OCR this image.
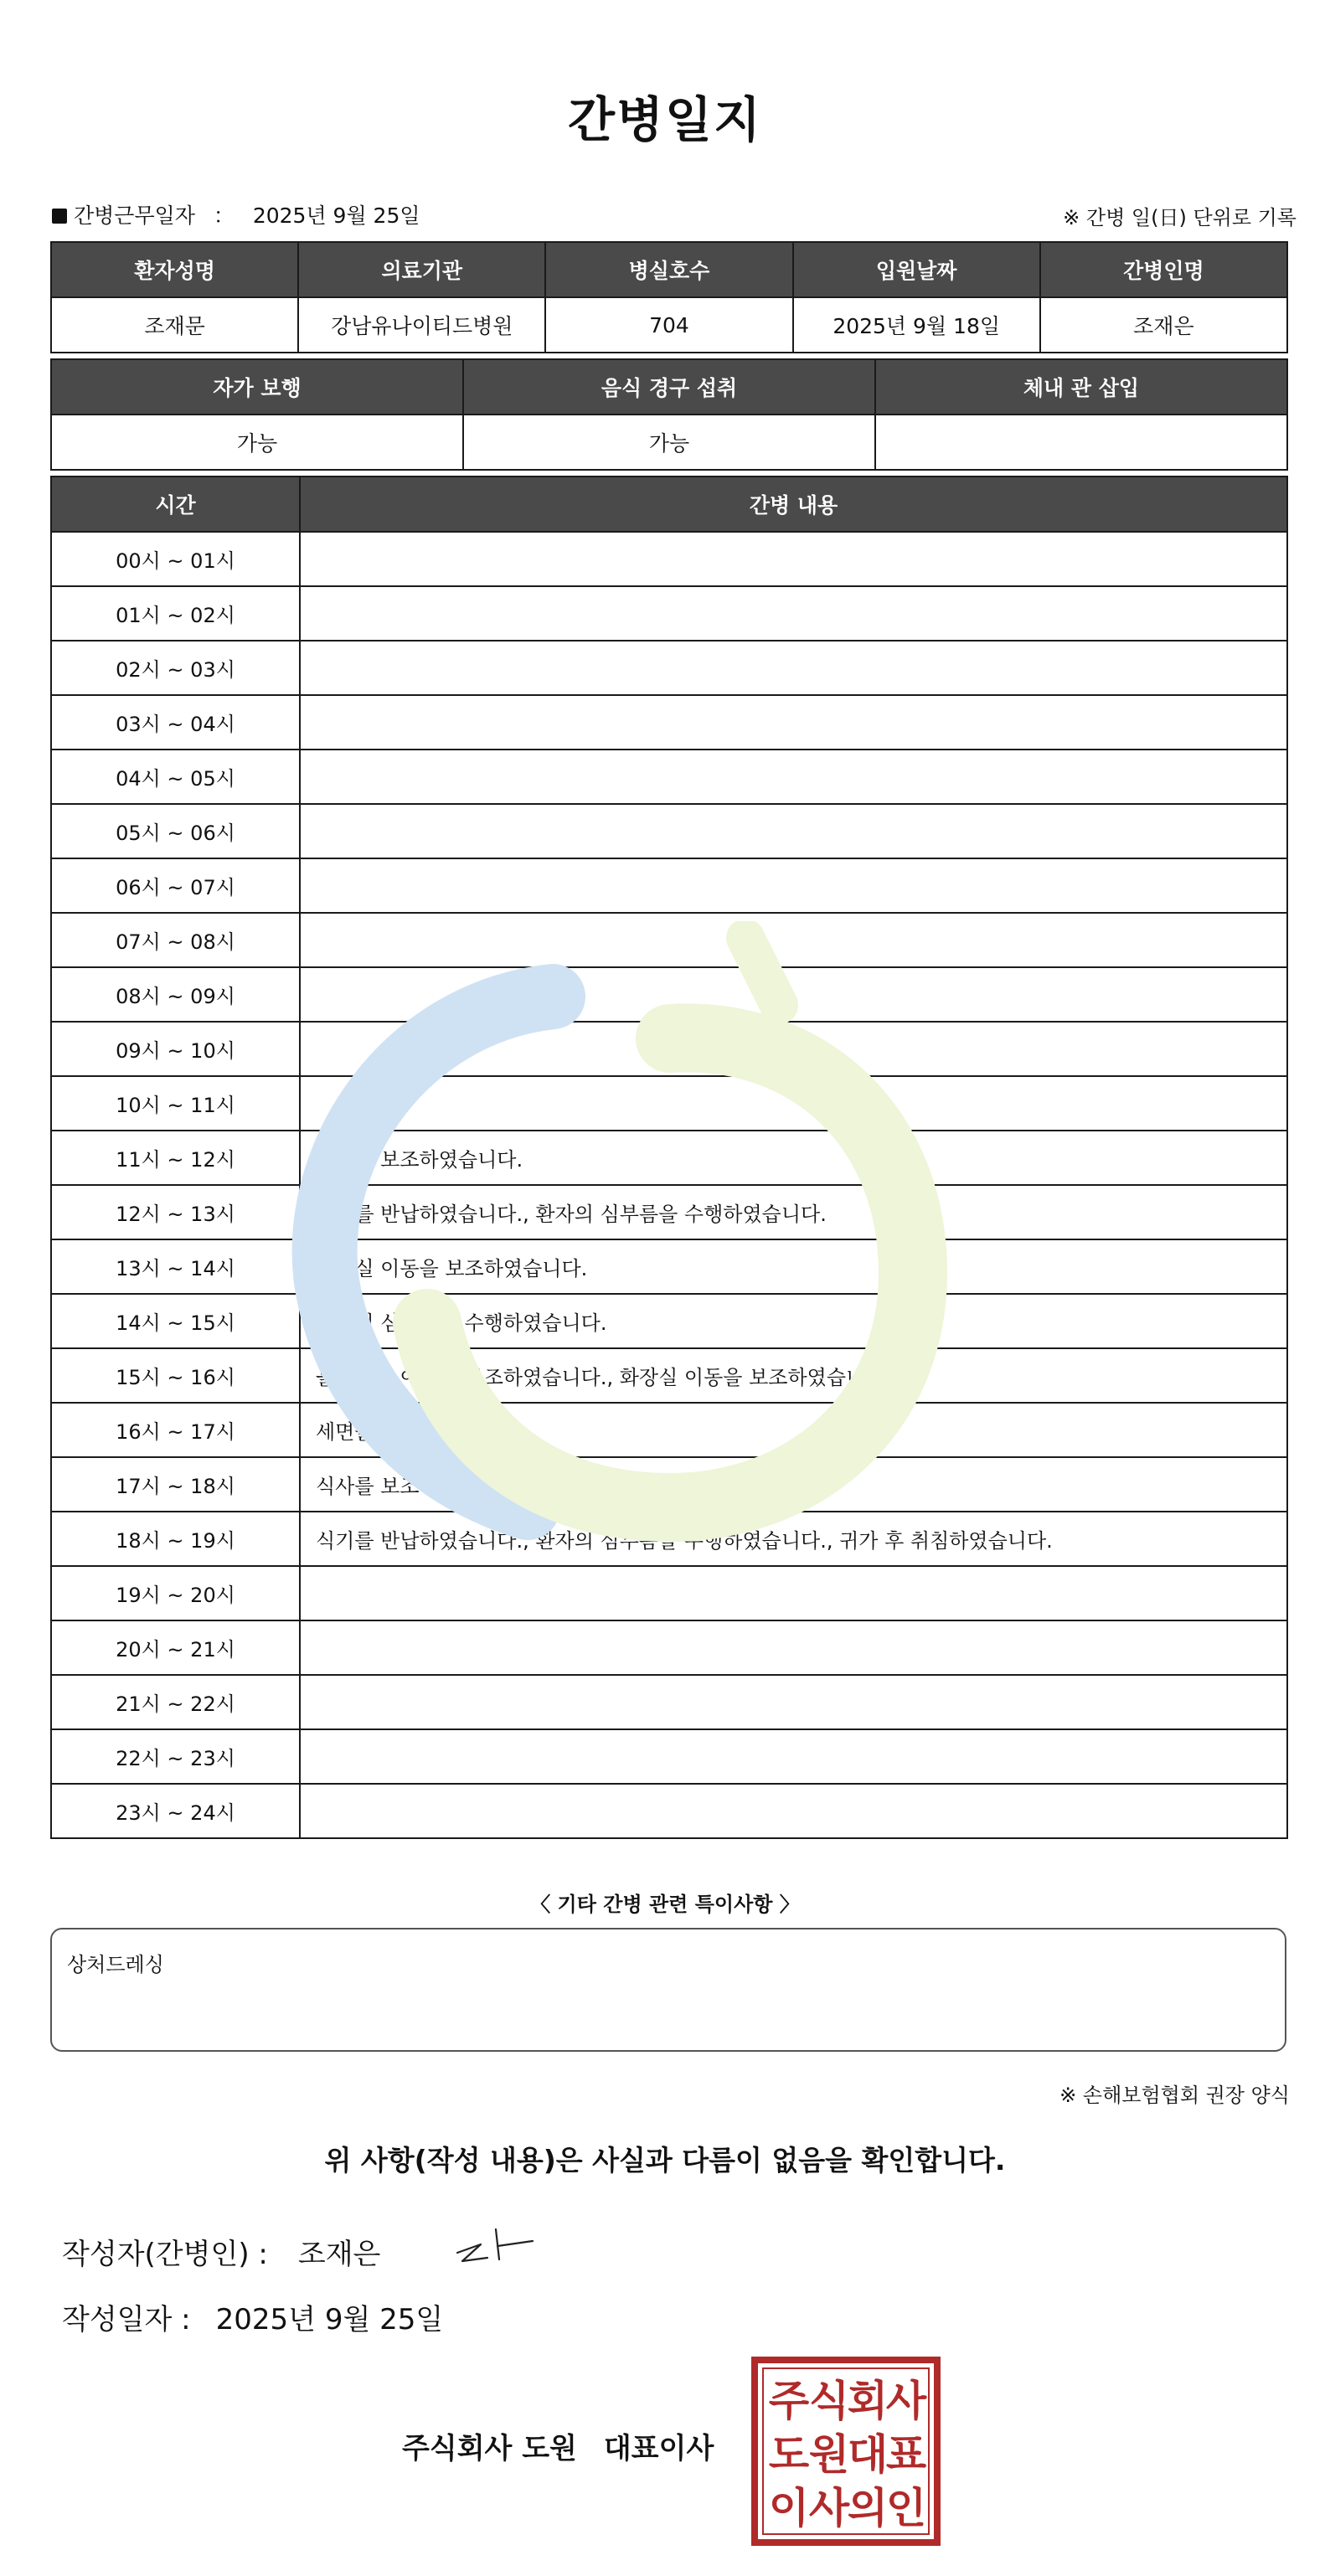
간병일지
간병근무일자 ： 2025년 9월 25일	※ 간병 일(日) 단위로 기록
환자성명	의료기관	병실호수	입원날짜	간병인명
조재문	강남유나이티드병원	704	2025년 9월 18일	조재은
자가 보행	음식 경구 섭취	체내 관 삽입
가능	가능	
시간	간병 내용
00시 ~ 01시	
01시 ~ 02시	
02시 ~ 03시	
03시 ~ 04시	
04시 ~ 05시	
05시 ~ 06시	
06시 ~ 07시	
07시 ~ 08시	
08시 ~ 09시	
09시 ~ 10시	
10시 ~ 11시	
11시 ~ 12시	식사를 보조하였습니다.
12시 ~ 13시	식기를 반납하였습니다., 환자의 심부름을 수행하였습니다.
13시 ~ 14시	화장실 이동을 보조하였습니다.
14시 ~ 15시	환자의 심부름을 수행하였습니다.
15시 ~ 16시	물리치료 이동을 보조하였습니다., 화장실 이동을 보조하였습니다.
16시 ~ 17시	세면을 보조하였습니다.
17시 ~ 18시	식사를 보조하였습니다.
18시 ~ 19시	식기를 반납하였습니다., 환자의 심부름을 수행하였습니다., 귀가 후 취침하였습니다.
19시 ~ 20시	
20시 ~ 21시	
21시 ~ 22시	
22시 ~ 23시	
23시 ~ 24시	
〈 기타 간병 관련 특이사항 〉
상처드레싱
※ 손해보험협회 권장 양식
위 사항(작성 내용)은 사실과 다름이 없음을 확인합니다.
작성자(간병인) : 조재은
작성일자 : 2025년 9월 25일
주식회사 도원 대표이사
주 식
회
사
도 원
대
표
이 사
의
인
